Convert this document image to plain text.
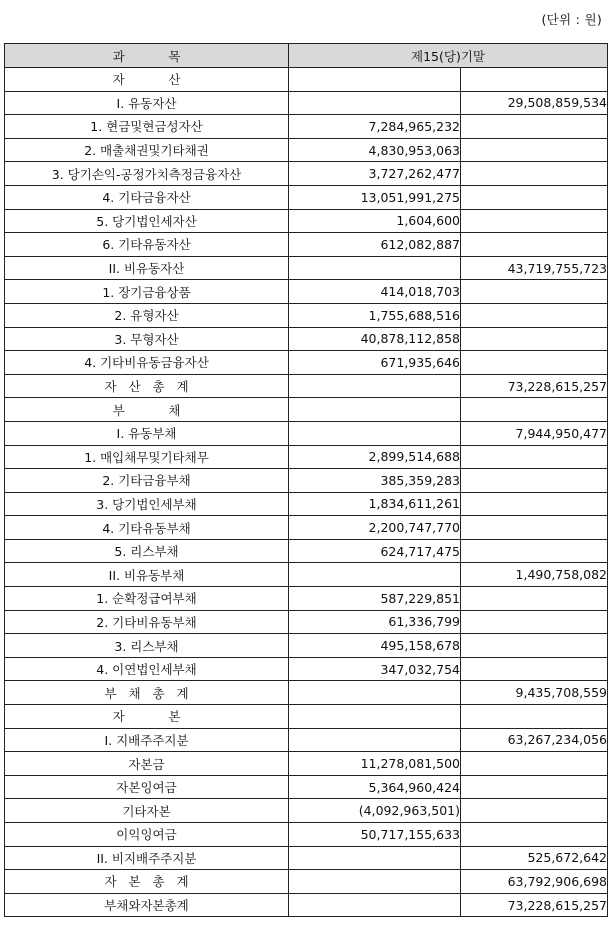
(단위 : 원)
과           목	제15(당)기말	
자           산		
I. 유동자산		29,508,859,534
1. 현금및현금성자산	7,284,965,232	
2. 매출채권및기타채권	4,830,953,063	
3. 당기손익-공정가치측정금융자산	3,727,262,477	
4. 기타금융자산	13,051,991,275	
5. 당기법인세자산	1,604,600	
6. 기타유동자산	612,082,887	
II. 비유동자산		43,719,755,723
1. 장기금융상품	414,018,703	
2. 유형자산	1,755,688,516	
3. 무형자산	40,878,112,858	
4. 기타비유동금융자산	671,935,646	
자   산   총   계		73,228,615,257
부           채		
I. 유동부채		7,944,950,477
1. 매입채무및기타채무	2,899,514,688	
2. 기타금융부채	385,359,283	
3. 당기법인세부채	1,834,611,261	
4. 기타유동부채	2,200,747,770	
5. 리스부채	624,717,475	
II. 비유동부채		1,490,758,082
1. 순확정급여부채	587,229,851	
2. 기타비유동부채	61,336,799	
3. 리스부채	495,158,678	
4. 이연법인세부채	347,032,754	
부   채   총   계		9,435,708,559
자           본		
I. 지배주주지분		63,267,234,056
자본금	11,278,081,500	
자본잉여금	5,364,960,424	
기타자본	(4,092,963,501)	
이익잉여금	50,717,155,633	
II. 비지배주주지분		525,672,642
자   본   총   계		63,792,906,698
부채와자본총계		73,228,615,257
